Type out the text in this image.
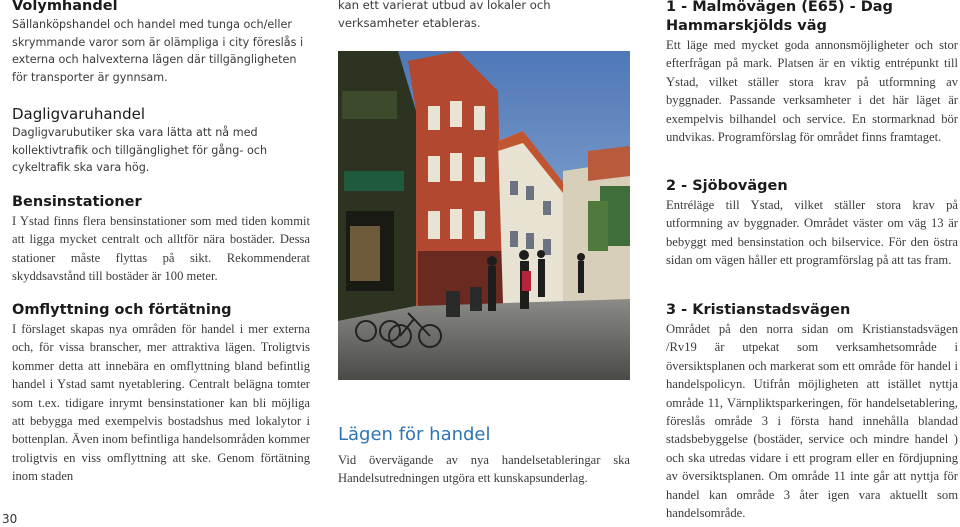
Volymhandel

Sällanköpshandel och handel med tunga och/eller skrymmande varor som är olämpliga i city föreslås i externa och halvexterna lägen där tillgängligheten för transporter är gynnsam.

Dagligvaruhandel

Dagligvarubutiker ska vara lätta att nå med kollektivtrafik och tillgänglighet för gång- och cykeltrafik ska vara hög.

Bensinstationer

I Ystad finns flera bensinstationer som med tiden kommit att ligga mycket centralt och alltför nära bostäder. Dessa stationer måste flyttas på sikt. Rekommenderat skyddsavstånd till bostäder är 100 meter.

Omflyttning och förtätning

I förslaget skapas nya områden för handel i mer externa och, för vissa branscher, mer attraktiva lägen. Troligtvis kommer detta att innebära en omflyttning bland befintlig handel i Ystad samt nyetablering. Centralt belägna tomter som t.ex. tidigare inrymt bensinstationer kan bli möjliga att bebygga med exempelvis bostadshus med lokalytor i bottenplan. Även inom befintliga handelsområden kommer troligtvis en viss omflyttning att ske. Genom förtätning inom staden

30

kan ett varierat utbud av lokaler och verksamheter etableras.

Lägen för handel

Vid övervägande av nya handelsetableringar ska Handelsutredningen utgöra ett kunskapsunderlag.

1 - Malmövägen (E65) - Dag Hammarskjölds väg

Ett läge med mycket goda annonsmöjligheter och stor efterfrågan på mark. Platsen är en viktig entrépunkt till Ystad, vilket ställer stora krav på utformning av byggnader. Passande verksamheter i det här läget är exempelvis bilhandel och service. En stormarknad bör undvikas. Programförslag för området finns framtaget.

2 - Sjöbovägen

Entréläge till Ystad, vilket ställer stora krav på utformning av byggnader. Området väster om väg 13 är bebyggt med bensinstation och bilservice. För den östra sidan om vägen håller ett programförslag på att tas fram.

3 - Kristianstadsvägen

Området på den norra sidan om Kristianstadsvägen /Rv19 är utpekat som verksamhetsområde i översiktsplanen och markerat som ett område för handel i handelspolicyn. Utifrån möjligheten att istället nyttja område 11, Värnpliktsparkeringen, för handelsetablering, föreslås område 3 i första hand innehålla blandad stadsbebyggelse (bostäder, service och mindre handel ) och ska utredas vidare i ett program eller en fördjupning av översiktsplanen. Om område 11 inte går att nyttja för handel kan område 3 åter igen vara aktuellt som handelsområde.
